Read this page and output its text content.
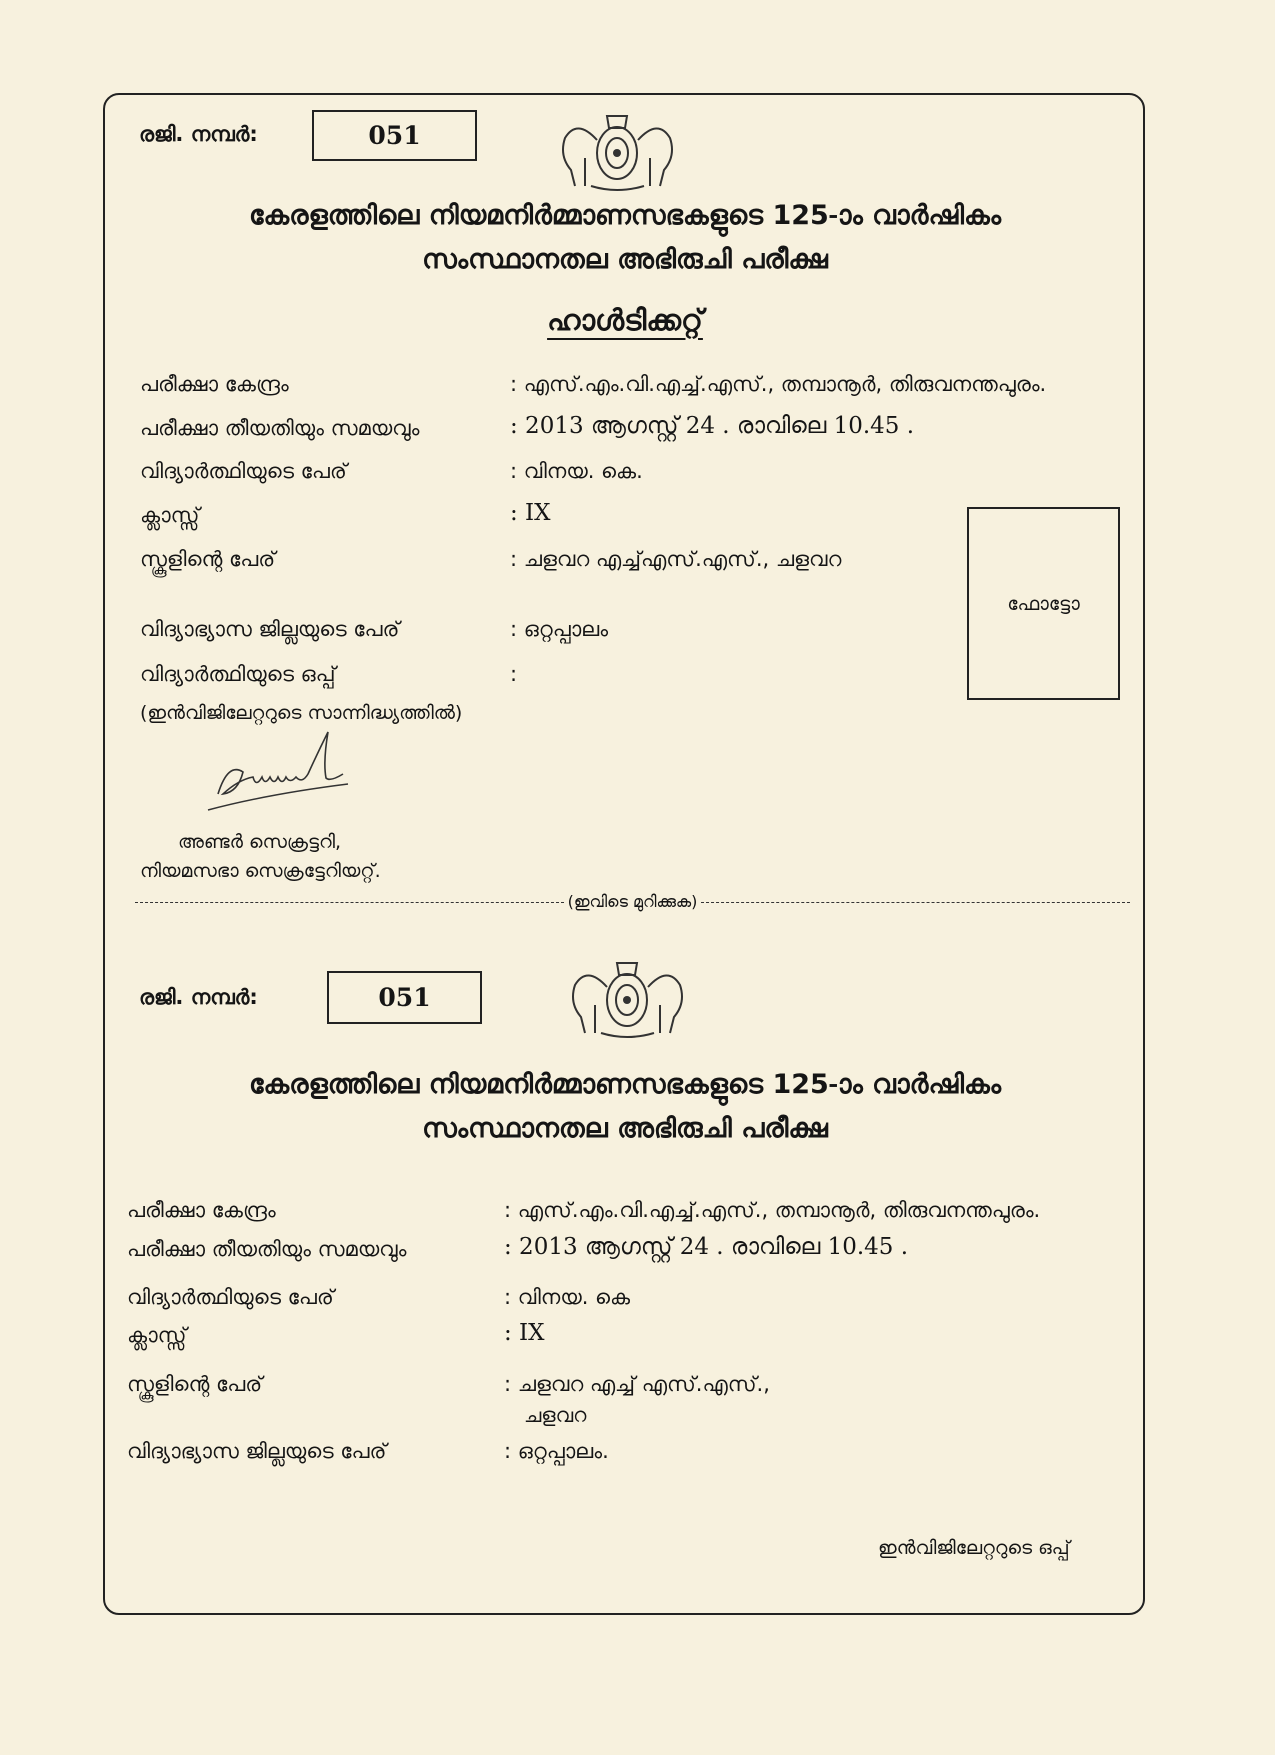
രജി. നമ്പർ:	051
കേരളത്തിലെ നിയമനിർമ്മാണസഭകളുടെ 125-ാം വാർഷികം
സംസ്ഥാനതല അഭിരുചി പരീക്ഷ
ഹാൾടിക്കറ്റ്
പരീക്ഷാ കേന്ദ്രം	: എസ്.എം.വി.എച്ച്.എസ്., തമ്പാനൂർ, തിരുവനന്തപുരം.
പരീക്ഷാ തീയതിയും സമയവും	: 2013 ആഗസ്റ്റ് 24 . രാവിലെ 10.45 .
വിദ്യാർത്ഥിയുടെ പേര്	: വിനയ. കെ.
ക്ലാസ്സ്	: IX
സ്കൂളിന്റെ പേര്	: ചളവറ എച്ച്എസ്.എസ്., ചളവറ
വിദ്യാഭ്യാസ ജില്ലയുടെ പേര്	: ഒറ്റപ്പാലം
വിദ്യാർത്ഥിയുടെ ഒപ്പ്	:
(ഇൻവിജിലേറ്ററുടെ സാന്നിദ്ധ്യത്തിൽ)
ഫോട്ടോ
അണ്ടർ സെക്രട്ടറി,
നിയമസഭാ സെക്രട്ടേറിയറ്റ്.
(ഇവിടെ മുറിക്കുക)
രജി. നമ്പർ:	051
കേരളത്തിലെ നിയമനിർമ്മാണസഭകളുടെ 125-ാം വാർഷികം
സംസ്ഥാനതല അഭിരുചി പരീക്ഷ
പരീക്ഷാ കേന്ദ്രം	: എസ്.എം.വി.എച്ച്.എസ്., തമ്പാനൂർ, തിരുവനന്തപുരം.
പരീക്ഷാ തീയതിയും സമയവും	: 2013 ആഗസ്റ്റ് 24 . രാവിലെ 10.45 .
വിദ്യാർത്ഥിയുടെ പേര്	: വിനയ. കെ
ക്ലാസ്സ്	: IX
സ്കൂളിന്റെ പേര്	: ചളവറ എച്ച് എസ്.എസ്.,
ചളവറ
വിദ്യാഭ്യാസ ജില്ലയുടെ പേര്	: ഒറ്റപ്പാലം.
ഇൻവിജിലേറ്ററുടെ ഒപ്പ്
